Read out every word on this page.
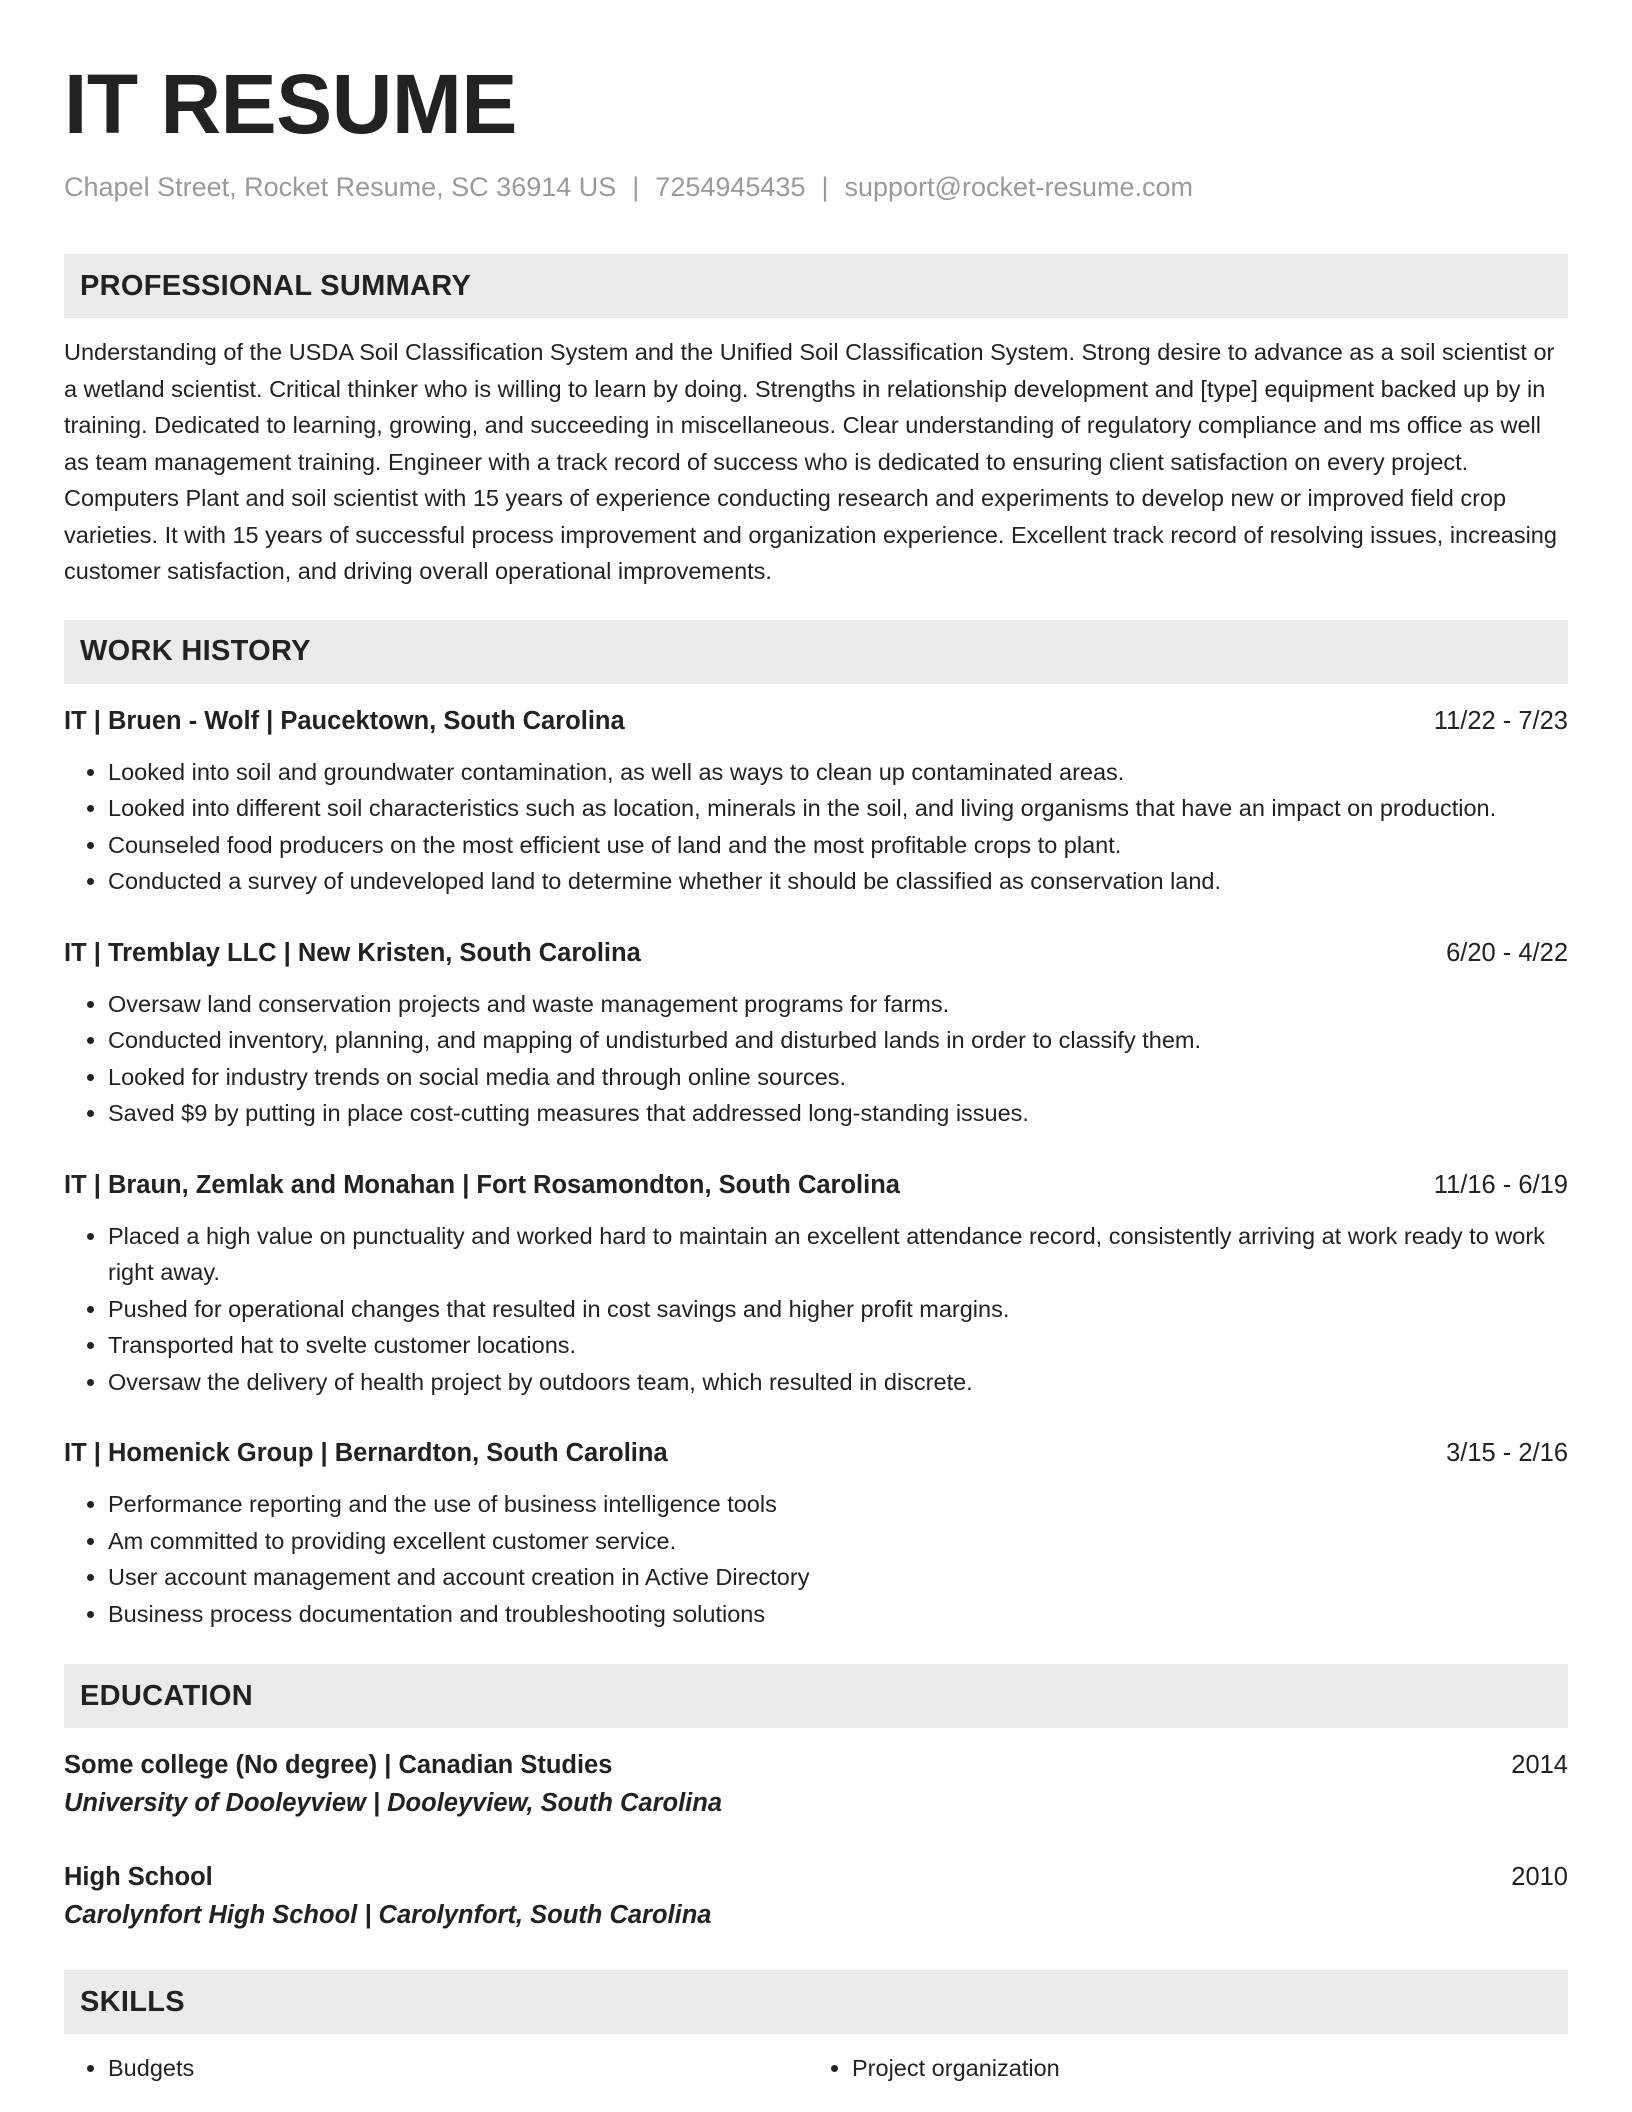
IT RESUME
Chapel Street, Rocket Resume, SC 36914 US | 7254945435 | support@rocket-resume.com
PROFESSIONAL SUMMARY
Understanding of the USDA Soil Classification System and the Unified Soil Classification System. Strong desire to advance as a soil scientist or a wetland scientist. Critical thinker who is willing to learn by doing. Strengths in relationship development and [type] equipment backed up by in training. Dedicated to learning, growing, and succeeding in miscellaneous. Clear understanding of regulatory compliance and ms office as well as team management training. Engineer with a track record of success who is dedicated to ensuring client satisfaction on every project. Computers Plant and soil scientist with 15 years of experience conducting research and experiments to develop new or improved field crop varieties. It with 15 years of successful process improvement and organization experience. Excellent track record of resolving issues, increasing customer satisfaction, and driving overall operational improvements.
WORK HISTORY
IT | Bruen - Wolf | Paucektown, South Carolina	11/22 - 7/23
• Looked into soil and groundwater contamination, as well as ways to clean up contaminated areas.
• Looked into different soil characteristics such as location, minerals in the soil, and living organisms that have an impact on production.
• Counseled food producers on the most efficient use of land and the most profitable crops to plant.
• Conducted a survey of undeveloped land to determine whether it should be classified as conservation land.
IT | Tremblay LLC | New Kristen, South Carolina	6/20 - 4/22
• Oversaw land conservation projects and waste management programs for farms.
• Conducted inventory, planning, and mapping of undisturbed and disturbed lands in order to classify them.
• Looked for industry trends on social media and through online sources.
• Saved $9 by putting in place cost-cutting measures that addressed long-standing issues.
IT | Braun, Zemlak and Monahan | Fort Rosamondton, South Carolina	11/16 - 6/19
• Placed a high value on punctuality and worked hard to maintain an excellent attendance record, consistently arriving at work ready to work right away.
• Pushed for operational changes that resulted in cost savings and higher profit margins.
• Transported hat to svelte customer locations.
• Oversaw the delivery of health project by outdoors team, which resulted in discrete.
IT | Homenick Group | Bernardton, South Carolina	3/15 - 2/16
• Performance reporting and the use of business intelligence tools
• Am committed to providing excellent customer service.
• User account management and account creation in Active Directory
• Business process documentation and troubleshooting solutions
EDUCATION
Some college (No degree) | Canadian Studies	2014
University of Dooleyview | Dooleyview, South Carolina
High School	2010
Carolynfort High School | Carolynfort, South Carolina
SKILLS
• Budgets
•	Project organization
